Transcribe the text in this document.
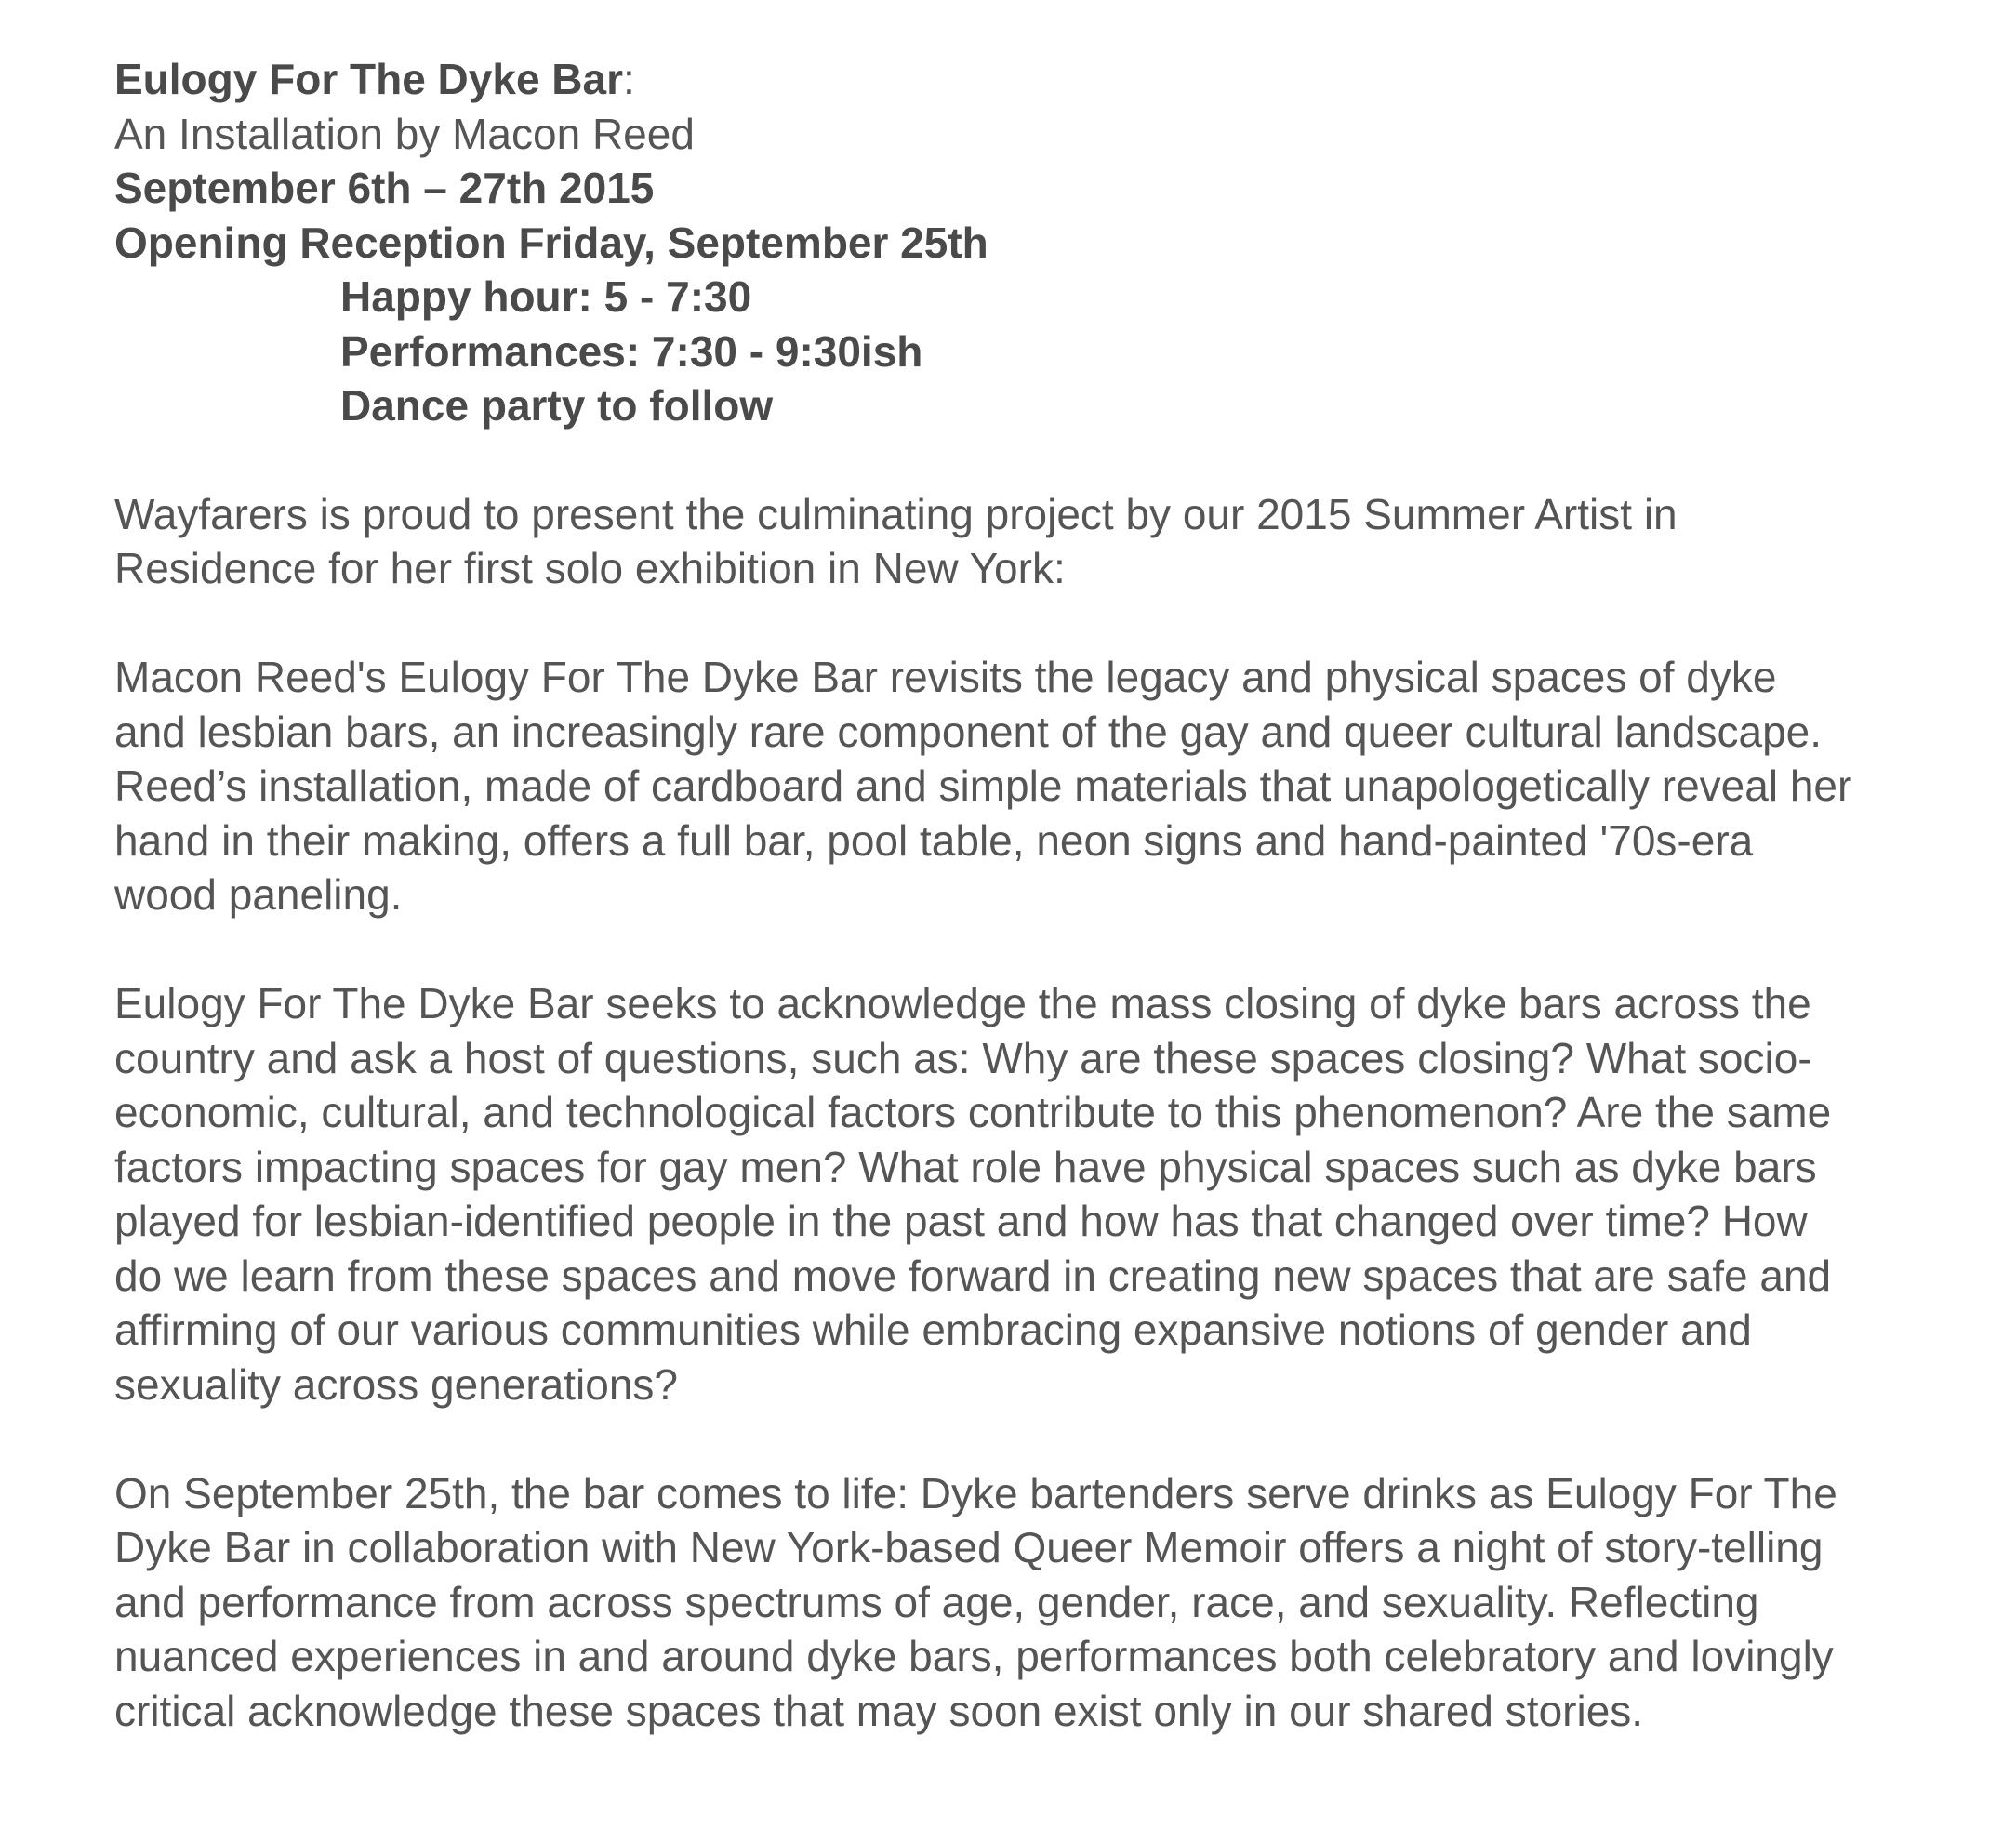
Eulogy For The Dyke Bar:
An Installation by Macon Reed
September 6th – 27th 2015
Opening Reception Friday, September 25th
Happy hour: 5 - 7:30
Performances: 7:30 - 9:30ish
Dance party to follow
Wayfarers is proud to present the culminating project by our 2015 Summer Artist in
Residence for her first solo exhibition in New York:
Macon Reed's Eulogy For The Dyke Bar revisits the legacy and physical spaces of dyke
and lesbian bars, an increasingly rare component of the gay and queer cultural landscape.
Reed’s installation, made of cardboard and simple materials that unapologetically reveal her
hand in their making, offers a full bar, pool table, neon signs and hand-painted '70s-era
wood paneling.
Eulogy For The Dyke Bar seeks to acknowledge the mass closing of dyke bars across the
country and ask a host of questions, such as: Why are these spaces closing? What socio-
economic, cultural, and technological factors contribute to this phenomenon? Are the same
factors impacting spaces for gay men? What role have physical spaces such as dyke bars
played for lesbian-identified people in the past and how has that changed over time? How
do we learn from these spaces and move forward in creating new spaces that are safe and
affirming of our various communities while embracing expansive notions of gender and
sexuality across generations?
On September 25th, the bar comes to life: Dyke bartenders serve drinks as Eulogy For The
Dyke Bar in collaboration with New York-based Queer Memoir offers a night of story-telling
and performance from across spectrums of age, gender, race, and sexuality. Reflecting
nuanced experiences in and around dyke bars, performances both celebratory and lovingly
critical acknowledge these spaces that may soon exist only in our shared stories.
